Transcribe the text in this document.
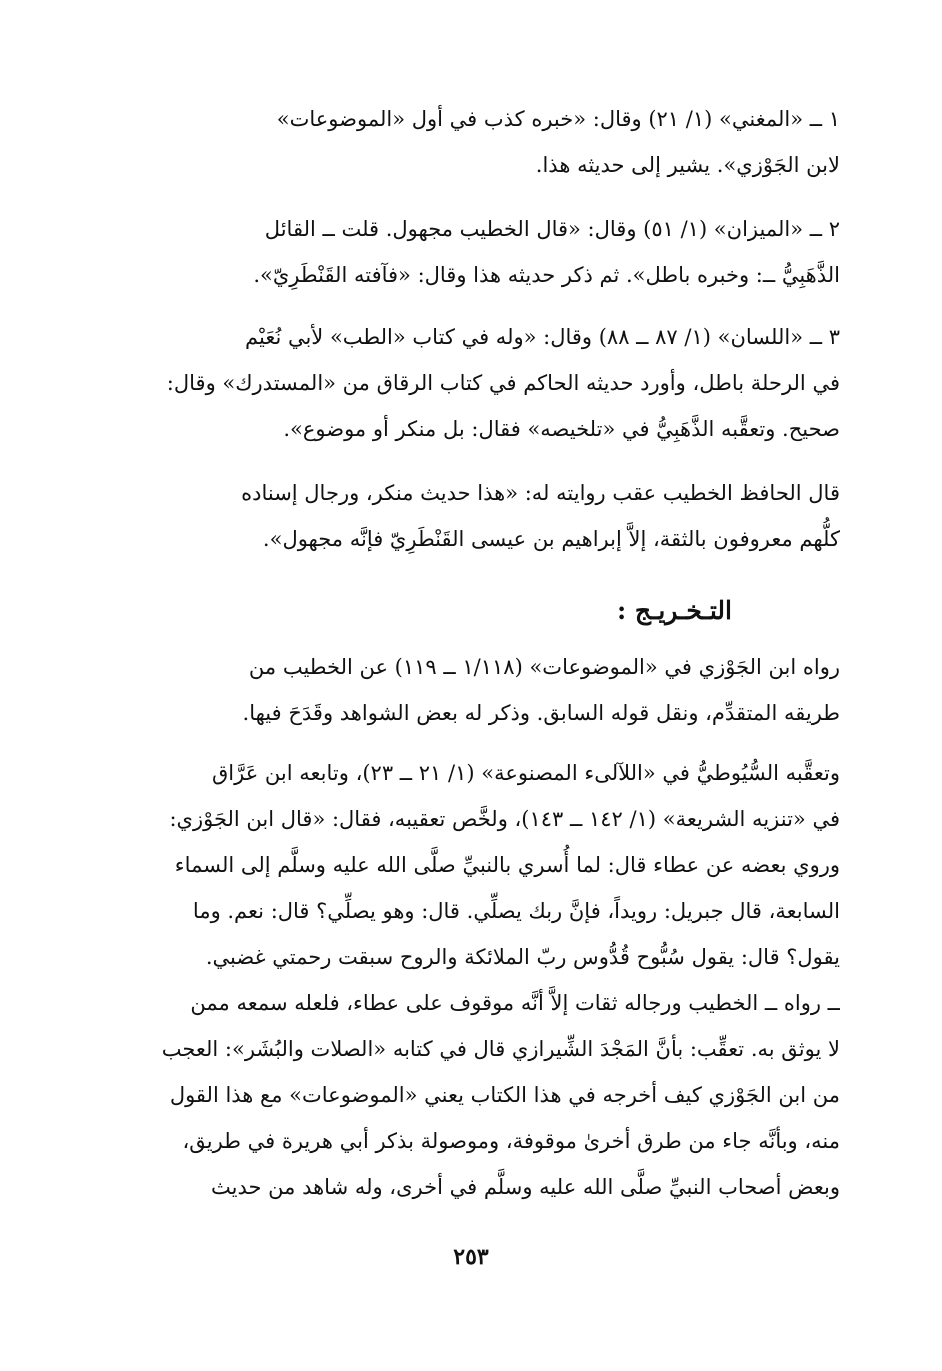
١ ــ «المغني» (١/ ٢١) وقال: «خبره كذب في أول «الموضوعات»
لابن الجَوْزي». يشير إلى حديثه هذا.
٢ ــ «الميزان» (١/ ٥١) وقال: «قال الخطيب مجهول. قلت ــ القائل
الذَّهَبِيُّ ــ: وخبره باطل». ثم ذكر حديثه هذا وقال: «فآفته القَنْطَرِيّ».
٣ ــ «اللسان» (١/ ٨٧ ــ ٨٨) وقال: «وله في كتاب «الطب» لأبي نُعَيْم
في الرحلة باطل، وأورد حديثه الحاكم في كتاب الرقاق من «المستدرك» وقال:
صحيح. وتعقَّبه الذَّهَبِيُّ في «تلخيصه» فقال: بل منكر أو موضوع».
قال الحافظ الخطيب عقب روايته له: «هذا حديث منكر، ورجال إسناده
كلُّهم معروفون بالثقة، إلاَّ إبراهيم بن عيسى القَنْطَرِيّ فإنَّه مجهول».
التـخـريـج :
رواه ابن الجَوْزي في «الموضوعات» (١/١١٨ ــ ١١٩) عن الخطيب من
طريقه المتقدِّم، ونقل قوله السابق. وذكر له بعض الشواهد وقَدَحَ فيها.
وتعقَّبه السُّيُوطيُّ في «اللآلىء المصنوعة» (١/ ٢١ ــ ٢٣)، وتابعه ابن عَرَّاق
في «تنزيه الشريعة» (١/ ١٤٢ ــ ١٤٣)، ولخَّص تعقيبه، فقال: «قال ابن الجَوْزي:
وروي بعضه عن عطاء قال: لما أُسري بالنبيِّ صلَّى الله عليه وسلَّم إلى السماء
السابعة، قال جبريل: رويداً، فإنَّ ربك يصلِّي. قال: وهو يصلِّي؟ قال: نعم. وما
يقول؟ قال: يقول سُبُّوح قُدُّوس ربّ الملائكة والروح سبقت رحمتي غضبي.
ــ رواه ــ الخطيب ورجاله ثقات إلاَّ أنَّه موقوف على عطاء، فلعله سمعه ممن
لا يوثق به. تعقِّب: بأنَّ المَجْدَ الشِّيرازي قال في كتابه «الصلات والبُشَر»: العجب
من ابن الجَوْزي كيف أخرجه في هذا الكتاب يعني «الموضوعات» مع هذا القول
منه، وبأنَّه جاء من طرق أخرىٰ موقوفة، وموصولة بذكر أبي هريرة في طريق،
وبعض أصحاب النبيِّ صلَّى الله عليه وسلَّم في أخرى، وله شاهد من حديث
٢٥٣
